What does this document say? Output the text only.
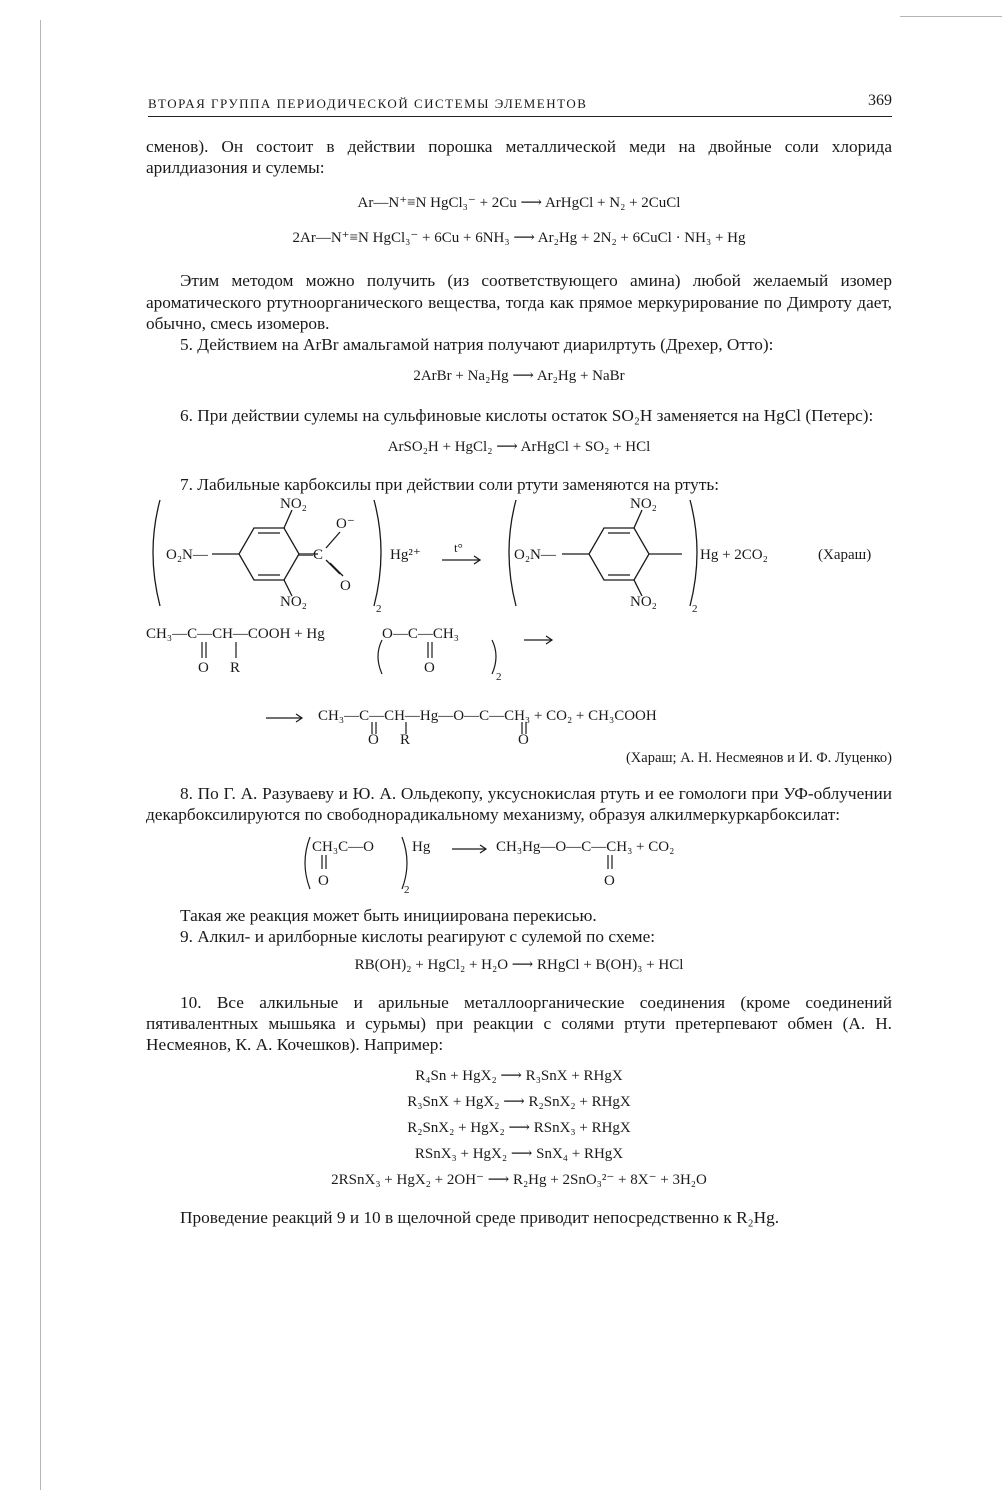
ВТОРАЯ ГРУППА ПЕРИОДИЧЕСКОЙ СИСТЕМЫ ЭЛЕМЕНТОВ	369

сменов). Он состоит в действии порошка металлической меди на двойные соли хлорида арилдиазония и сулемы:

Ar—N⁺≡N HgCl₃⁻ + 2Cu ⟶ ArHgCl + N₂ + 2CuCl
2Ar—N⁺≡N HgCl₃⁻ + 6Cu + 6NH₃ ⟶ Ar₂Hg + 2N₂ + 6CuCl · NH₃ + Hg

Этим методом можно получить (из соответствующего амина) любой желаемый изомер ароматического ртутноорганического вещества, тогда как прямое меркурирование по Димроту дает, обычно, смесь изомеров.

5. Действием на ArBr амальгамой натрия получают диарилртуть (Дрехер, Отто):

2ArBr + Na₂Hg ⟶ Ar₂Hg + NaBr

6. При действии сулемы на сульфиновые кислоты остаток SO₂H заменяется на HgCl (Петерс):

ArSO₂H + HgCl₂ ⟶ ArHgCl + SO₂ + HCl

7. Лабильные карбоксилы при действии соли ртути заменяются на ртуть:

NO₂
O₂N—	—C
O⁻
O
NO₂	2
Hg²⁺	t°	O₂N—
NO₂
NO₂	2
Hg + 2CO₂	(Хараш)
CH₃—C—CH—COOH + Hg	O—C—CH₃
O R	O
2
CH₃—C—CH—Hg—O—C—CH₃ + CO₂ + CH₃COOH
O R	O
(Хараш; А. Н. Несмеянов и И. Ф. Луценко)

8. По Г. А. Разуваеву и Ю. А. Ольдекопу, уксуснокислая ртуть и ее гомологи при УФ-облучении декарбоксилируются по свободнорадикальному механизму, образуя алкилмеркуркарбоксилат:

CH₃C—O	Hg
O
2
CH₃Hg—O—C—CH₃ + CO₂
O

Такая же реакция может быть инициирована перекисью.

9. Алкил- и арилборные кислоты реагируют с сулемой по схеме:

RB(OH)₂ + HgCl₂ + H₂O ⟶ RHgCl + B(OH)₃ + HCl

10. Все алкильные и арильные металлоорганические соединения (кроме соединений пятивалентных мышьяка и сурьмы) при реакции с солями ртути претерпевают обмен (А. Н. Несмеянов, К. А. Кочешков). Например:

R₄Sn + HgX₂ ⟶ R₃SnX + RHgX
R₃SnX + HgX₂ ⟶ R₂SnX₂ + RHgX
R₂SnX₂ + HgX₂ ⟶ RSnX₃ + RHgX
RSnX₃ + HgX₂ ⟶ SnX₄ + RHgX
2RSnX₃ + HgX₂ + 2OH⁻ ⟶ R₂Hg + 2SnO₃²⁻ + 8X⁻ + 3H₂O

Проведение реакций 9 и 10 в щелочной среде приводит непосредственно к R₂Hg.
